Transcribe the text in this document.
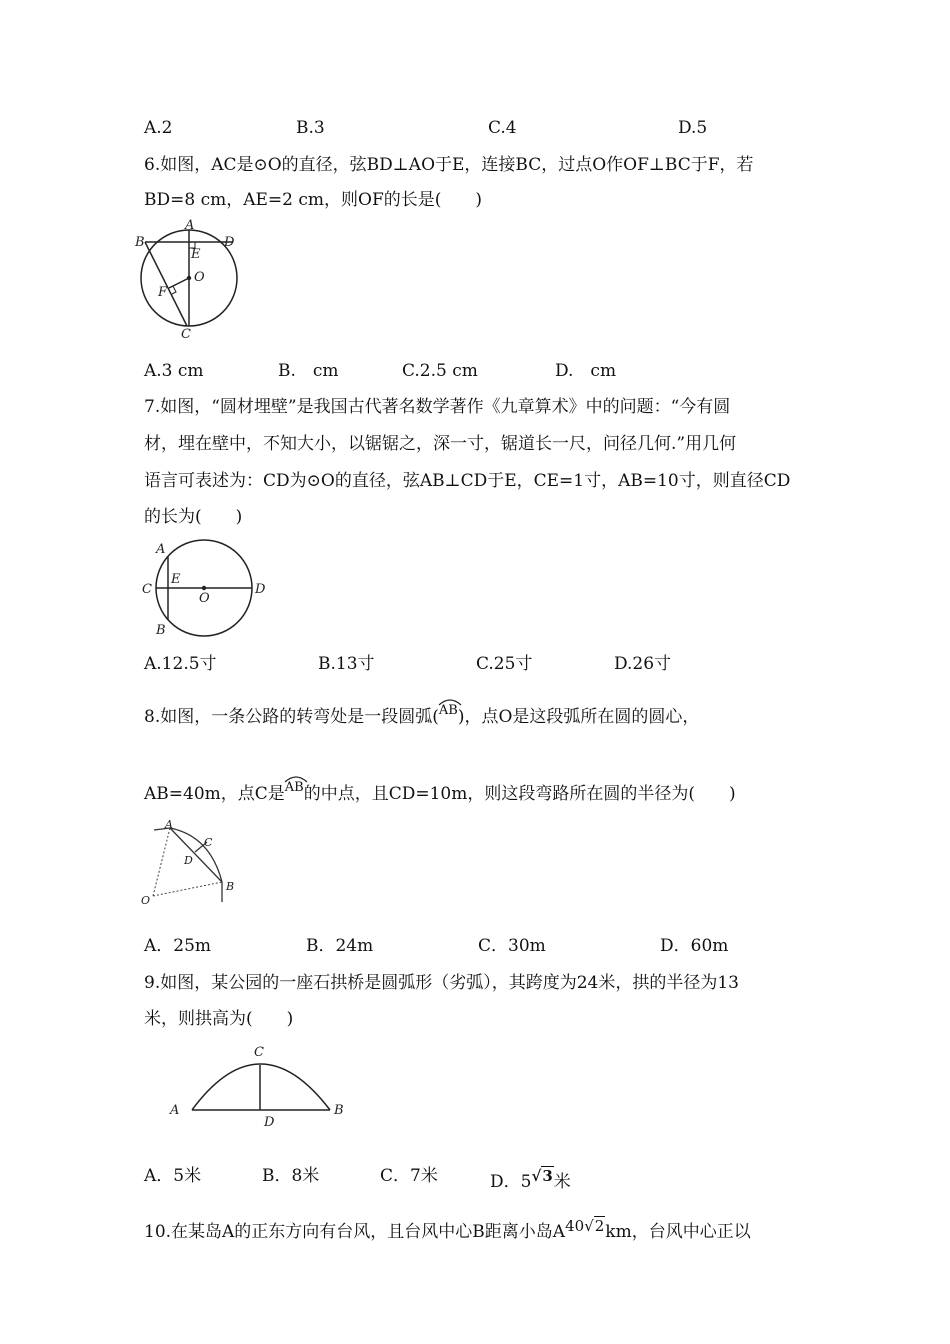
A.2	B.3	C.4	D.5
6.如图，AC是⊙O的直径，弦BD⊥AO于E，连接BC，过点O作OF⊥BC于F，若
BD=8 cm，AE=2 cm，则OF的长是(　　)
A
B	D
E
O
F
C
A.3 cm	B.　cm	C.2.5 cm	D.　cm
7.如图，“圆材埋壁”是我国古代著名数学著作《九章算术》中的问题：“今有圆
材，埋在壁中，不知大小，以锯锯之，深一寸，锯道长一尺，问径几何.”用几何
语言可表述为：CD为⊙O的直径，弦AB⊥CD于E，CE=1寸，AB=10寸，则直径CD
的长为(　　)
A
B
C
E
O
D
A.12.5寸	B.13寸	C.25寸	D.26寸
8.如图，一条公路的转弯处是一段圆弧(
AB)，点O是这段弧所在圆的圆心，
AB=40m，点C是
AB的中点，且CD=10m，则这段弯路所在圆的半径为(　　)
A
C
D
B
O
A．25m	B．24m	C．30m	D．60m
9.如图，某公园的一座石拱桥是圆弧形（劣弧），其跨度为24米，拱的半径为13
米，则拱高为(　　)
C
A	B
D
A．5米	B．8米	C．7米	D．5√3米
10.在某岛A的正东方向有台风，且台风中心B距离小岛A40√2km，台风中心正以
